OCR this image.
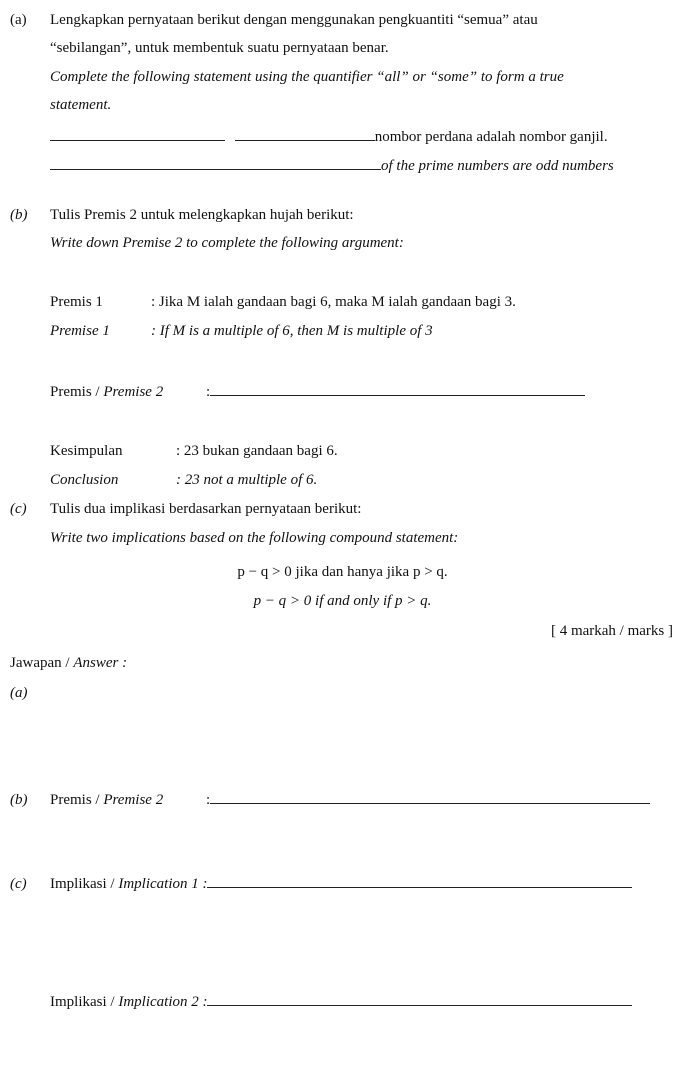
(a) Lengkapkan pernyataan berikut dengan menggunakan pengkuantiti “semua” atau
“sebilangan”, untuk membentuk suatu pernyataan benar.
Complete the following statement using the quantifier “all” or “some” to form a true
statement.
nombor perdana adalah nombor ganjil.
of the prime numbers are odd numbers
(b) Tulis Premis 2 untuk melengkapkan hujah berikut:
Write down Premise 2 to complete the following argument:
Premis 1	: Jika M ialah gandaan bagi 6, maka M ialah gandaan bagi 3.
Premise 1	: If M is a multiple of 6, then M is multiple of 3
Premis / Premise 2	:
Kesimpulan	: 23 bukan gandaan bagi 6.
Conclusion	: 23 not a multiple of 6.
(c) Tulis dua implikasi berdasarkan pernyataan berikut:
Write two implications based on the following compound statement:
p − q > 0 jika dan hanya jika p > q.
p − q > 0 if and only if p > q.
[ 4 markah / marks ]
Jawapan / Answer :
(a)
(b) Premis / Premise 2	:
(c) Implikasi / Implication 1 :
Implikasi / Implication 2 :
